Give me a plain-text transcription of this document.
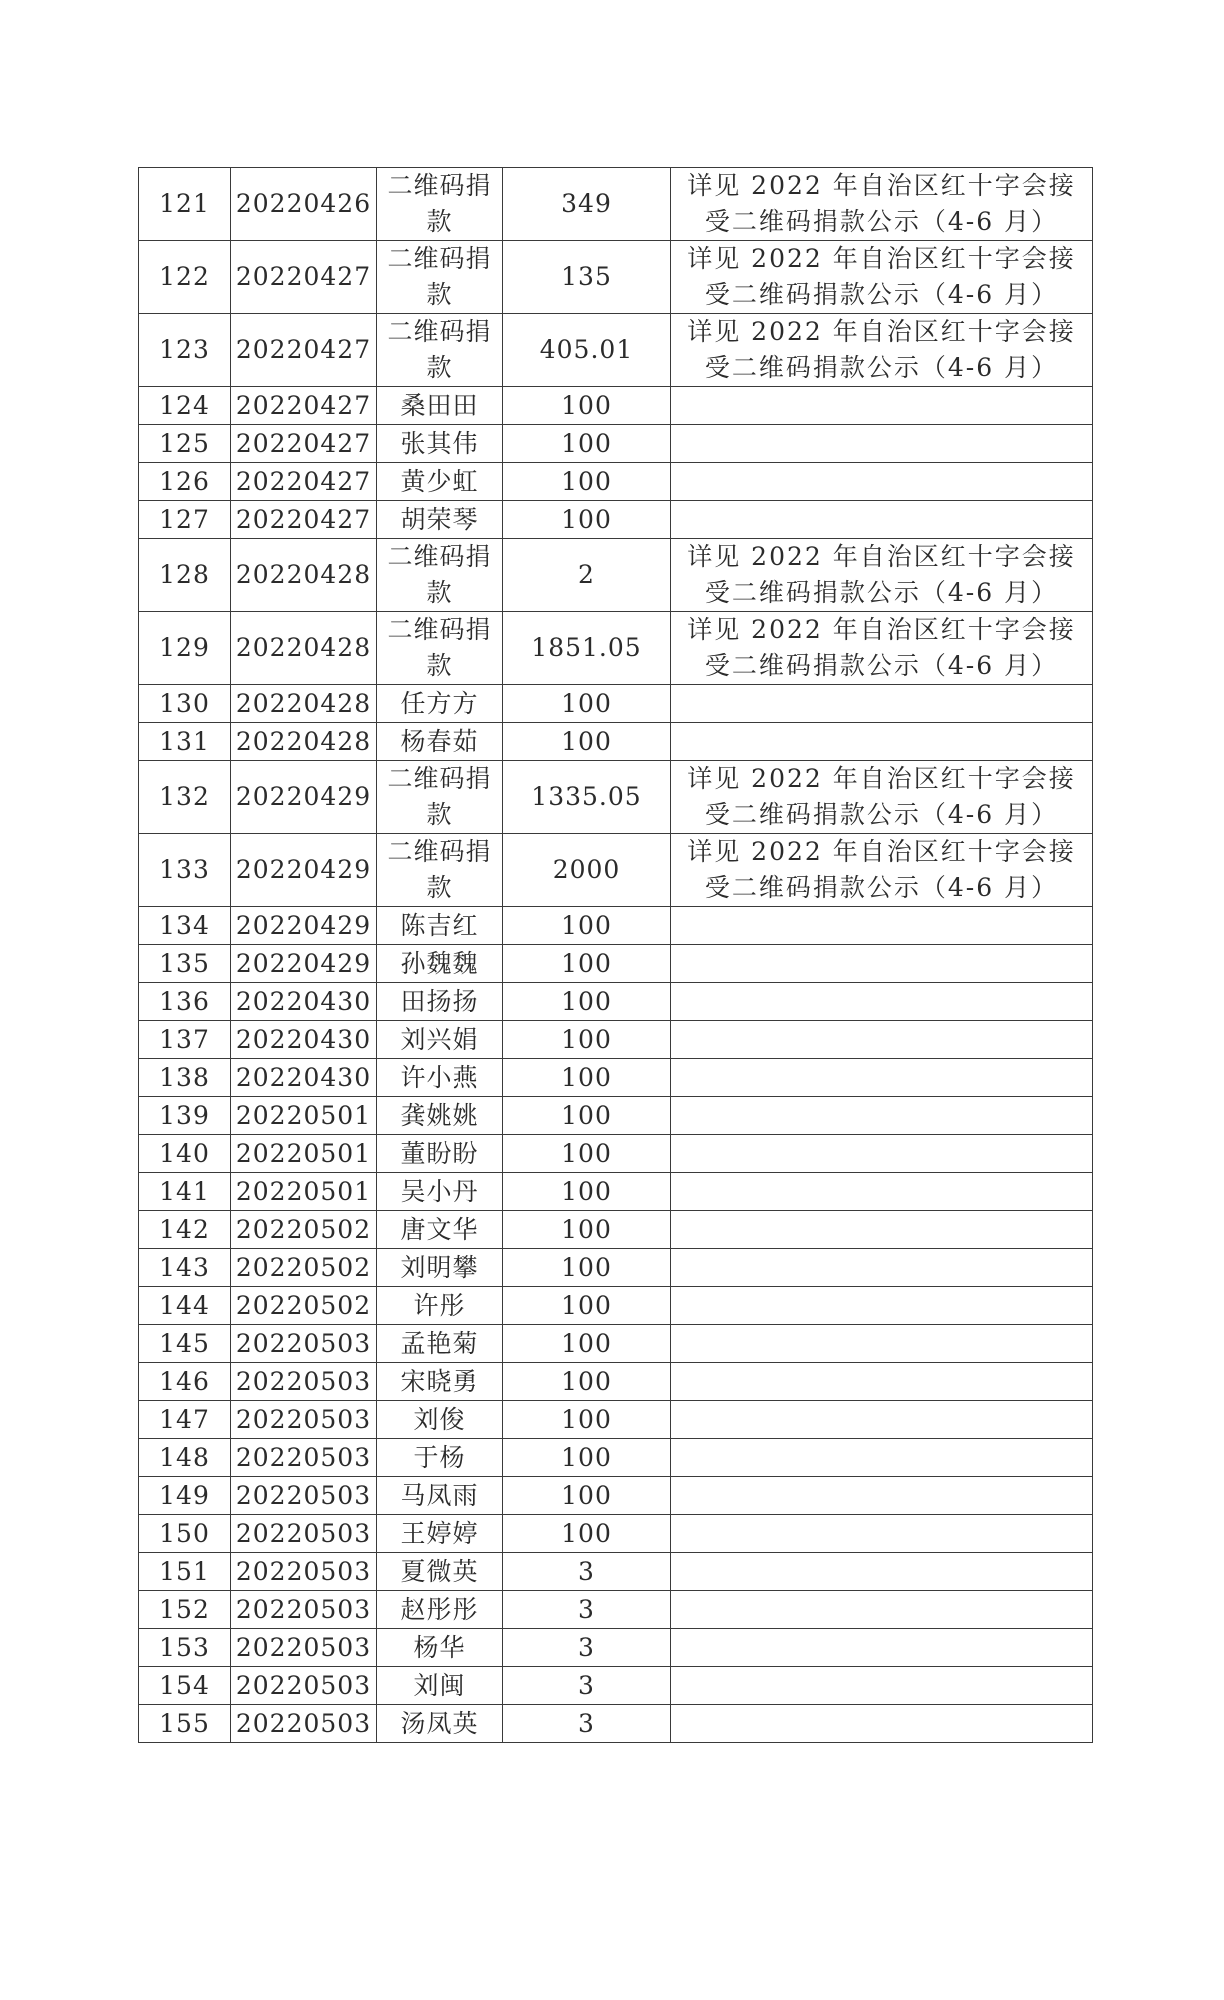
121	20220426	二维码捐款	349	详见 2022 年自治区红十字会接受二维码捐款公示（4-6 月）
122	20220427	二维码捐款	135	详见 2022 年自治区红十字会接受二维码捐款公示（4-6 月）
123	20220427	二维码捐款	405.01	详见 2022 年自治区红十字会接受二维码捐款公示（4-6 月）
124	20220427	桑田田	100	
125	20220427	张其伟	100	
126	20220427	黄少虹	100	
127	20220427	胡荣琴	100	
128	20220428	二维码捐款	2	详见 2022 年自治区红十字会接受二维码捐款公示（4-6 月）
129	20220428	二维码捐款	1851.05	详见 2022 年自治区红十字会接受二维码捐款公示（4-6 月）
130	20220428	任方方	100	
131	20220428	杨春茹	100	
132	20220429	二维码捐款	1335.05	详见 2022 年自治区红十字会接受二维码捐款公示（4-6 月）
133	20220429	二维码捐款	2000	详见 2022 年自治区红十字会接受二维码捐款公示（4-6 月）
134	20220429	陈吉红	100	
135	20220429	孙魏魏	100	
136	20220430	田扬扬	100	
137	20220430	刘兴娟	100	
138	20220430	许小燕	100	
139	20220501	龚姚姚	100	
140	20220501	董盼盼	100	
141	20220501	吴小丹	100	
142	20220502	唐文华	100	
143	20220502	刘明攀	100	
144	20220502	许彤	100	
145	20220503	孟艳菊	100	
146	20220503	宋晓勇	100	
147	20220503	刘俊	100	
148	20220503	于杨	100	
149	20220503	马凤雨	100	
150	20220503	王婷婷	100	
151	20220503	夏微英	3	
152	20220503	赵彤彤	3	
153	20220503	杨华	3	
154	20220503	刘闽	3	
155	20220503	汤凤英	3	
